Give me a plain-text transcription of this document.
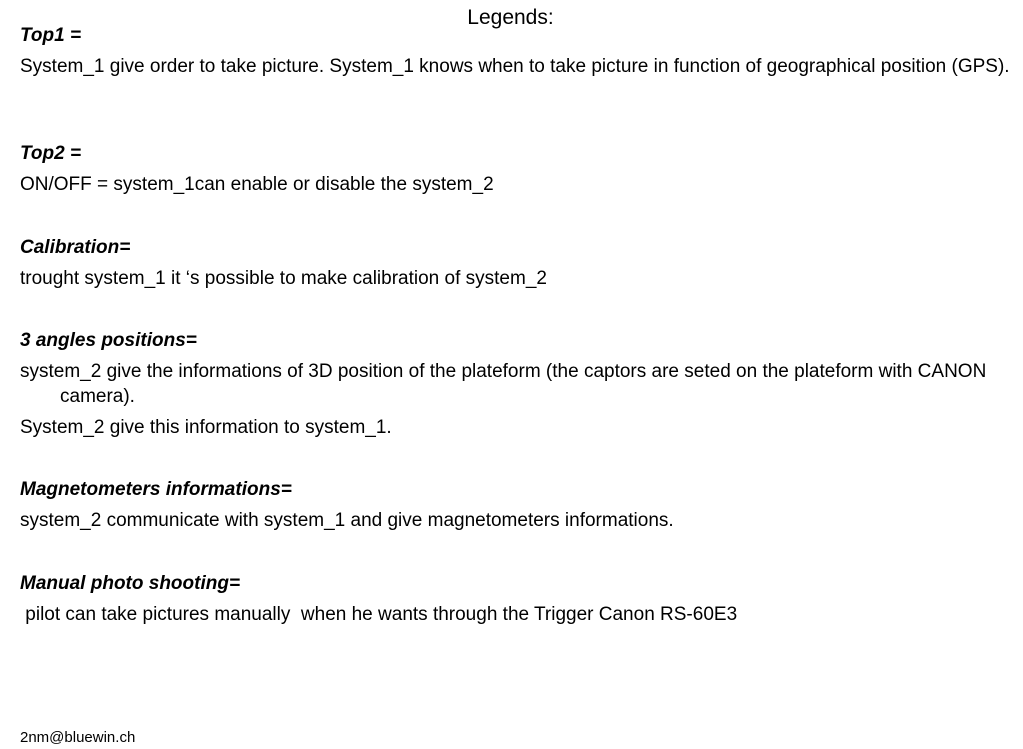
Legends:
Top1 =

System_1 give order to take picture. System_1 knows when to take picture in function of geographical position (GPS).

Top2 =

ON/OFF = system_1can enable or disable the system_2

Calibration=

trought system_1 it ‘s possible to make calibration of system_2

3 angles positions=

system_2 give the informations of 3D position of the plateform (the captors are seted on the plateform with CANON camera).

System_2 give this information to system_1.

Magnetometers informations=

system_2 communicate with system_1 and give magnetometers informations.

Manual photo shooting=

pilot can take pictures manually  when he wants through the Trigger Canon RS-60E3

2nm@bluewin.ch
